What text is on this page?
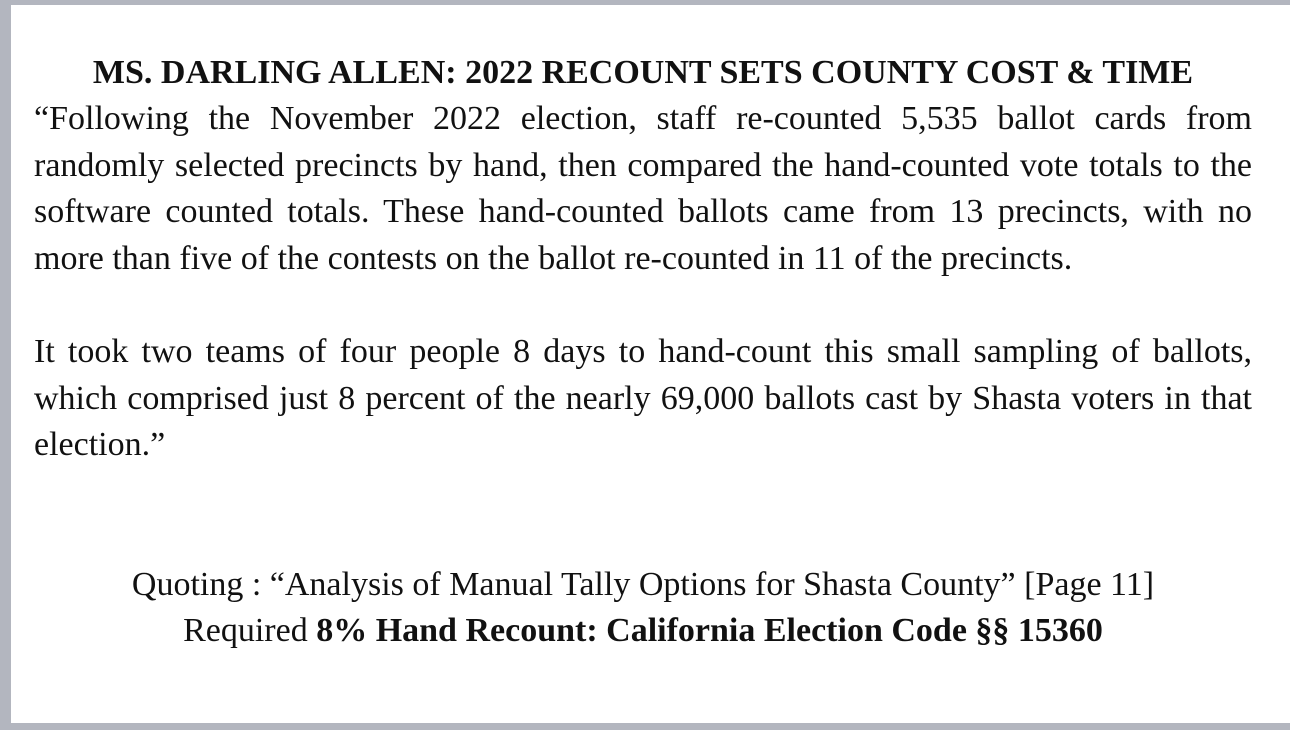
MS. DARLING ALLEN: 2022 RECOUNT SETS COUNTY COST & TIME

“Following the November 2022 election, staff re-counted 5,535 ballot cards from randomly selected precincts by hand, then compared the hand-counted vote totals to the software counted totals. These hand-counted ballots came from 13 precincts, with no more than five of the contests on the ballot re-counted in 11 of the precincts.

It took two teams of four people 8 days to hand-count this small sampling of ballots, which comprised just 8 percent of the nearly 69,000 ballots cast by Shasta voters in that election.”

Quoting : “Analysis of Manual Tally Options for Shasta County” [Page 11]

Required 8% Hand Recount: California Election Code §§ 15360
